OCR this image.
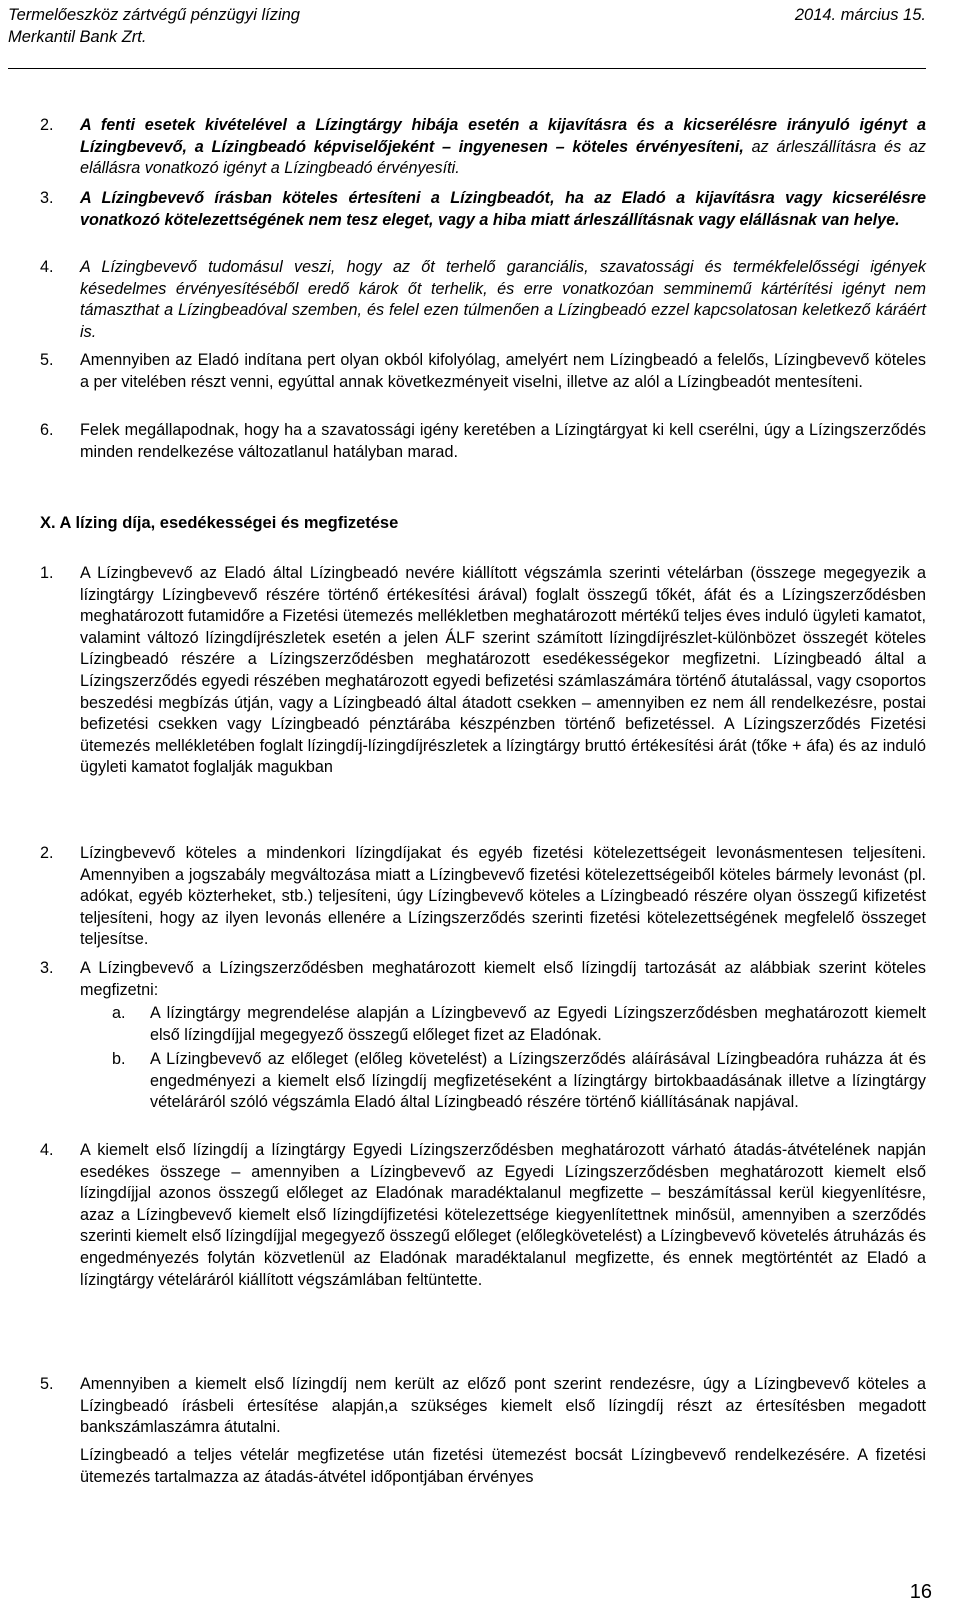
Termelőeszköz zártvégű pénzügyi lízing
Merkantil Bank Zrt.
2014. március 15.
2. A fenti esetek kivételével a Lízingtárgy hibája esetén a kijavításra és a kicserélésre irányuló igényt a Lízingbevevő, a Lízingbeadó képviselőjeként – ingyenesen – köteles érvényesíteni, az árleszállításra és az elállásra vonatkozó igényt a Lízingbeadó érvényesíti.
3. A Lízingbevevő írásban köteles értesíteni a Lízingbeadót, ha az Eladó a kijavításra vagy kicserélésre vonatkozó kötelezettségének nem tesz eleget, vagy a hiba miatt árleszállításnak vagy elállásnak van helye.
4. A Lízingbevevő tudomásul veszi, hogy az őt terhelő garanciális, szavatossági és termékfelelősségi igények késedelmes érvényesítéséből eredő károk őt terhelik, és erre vonatkozóan semminemű kártérítési igényt nem támaszthat a Lízingbeadóval szemben, és felel ezen túlmenően a Lízingbeadó ezzel kapcsolatosan keletkező káráért is.
5. Amennyiben az Eladó indítana pert olyan okból kifolyólag, amelyért nem Lízingbeadó a felelős, Lízingbevevő köteles a per vitelében részt venni, egyúttal annak következményeit viselni, illetve az alól a Lízingbeadót mentesíteni.
6. Felek megállapodnak, hogy ha a szavatossági igény keretében a Lízingtárgyat ki kell cserélni, úgy a Lízingszerződés minden rendelkezése változatlanul hatályban marad.
X. A lízing díja, esedékességei és megfizetése
1. A Lízingbevevő az Eladó által Lízingbeadó nevére kiállított végszámla szerinti vételárban (összege megegyezik a lízingtárgy Lízingbevevő részére történő értékesítési árával) foglalt összegű tőkét, áfát és a Lízingszerződésben meghatározott futamidőre a Fizetési ütemezés mellékletben meghatározott mértékű teljes éves induló ügyleti kamatot, valamint változó lízingdíjrészletek esetén a jelen ÁLF szerint számított lízingdíjrészlet-különbözet összegét köteles Lízingbeadó részére a Lízingszerződésben meghatározott esedékességekor megfizetni. Lízingbeadó által a Lízingszerződés egyedi részében meghatározott egyedi befizetési számlaszámára történő átutalással, vagy csoportos beszedési megbízás útján, vagy a Lízingbeadó által átadott csekken – amennyiben ez nem áll rendelkezésre, postai befizetési csekken vagy Lízingbeadó pénztárába készpénzben történő befizetéssel. A Lízingszerződés Fizetési ütemezés mellékletében foglalt lízingdíj-lízingdíjrészletek a lízingtárgy bruttó értékesítési árát (tőke + áfa) és az induló ügyleti kamatot foglalják magukban
2. Lízingbevevő köteles a mindenkori lízingdíjakat és egyéb fizetési kötelezettségeit levonásmentesen teljesíteni. Amennyiben a jogszabály megváltozása miatt a Lízingbevevő fizetési kötelezettségeiből köteles bármely levonást (pl. adókat, egyéb közterheket, stb.) teljesíteni, úgy Lízingbevevő köteles a Lízingbeadó részére olyan összegű kifizetést teljesíteni, hogy az ilyen levonás ellenére a Lízingszerződés szerinti fizetési kötelezettségének megfelelő összeget teljesítse.
3. A Lízingbevevő a Lízingszerződésben meghatározott kiemelt első lízingdíj tartozását az alábbiak szerint köteles megfizetni:
a. A lízingtárgy megrendelése alapján a Lízingbevevő az Egyedi Lízingszerződésben meghatározott kiemelt első lízingdíjjal megegyező összegű előleget fizet az Eladónak.
b. A Lízingbevevő az előleget (előleg követelést) a Lízingszerződés aláírásával Lízingbeadóra ruházza át és engedményezi a kiemelt első lízingdíj megfizetéseként a lízingtárgy birtokbaadásának illetve a lízingtárgy vételáráról szóló végszámla Eladó által Lízingbeadó részére történő kiállításának napjával.
4. A kiemelt első lízingdíj a lízingtárgy Egyedi Lízingszerződésben meghatározott várható átadás-átvételének napján esedékes összege – amennyiben a Lízingbevevő az Egyedi Lízingszerződésben meghatározott kiemelt első lízingdíjjal azonos összegű előleget az Eladónak maradéktalanul megfizette – beszámítással kerül kiegyenlítésre, azaz a Lízingbevevő kiemelt első lízingdíjfizetési kötelezettsége kiegyenlítettnek minősül, amennyiben a szerződés szerinti kiemelt első lízingdíjjal megegyező összegű előleget (előlegkövetelést) a Lízingbevevő követelés átruházás és engedményezés folytán közvetlenül az Eladónak maradéktalanul megfizette, és ennek megtörténtét az Eladó a lízingtárgy vételáráról kiállított végszámlában feltüntette.
5. Amennyiben a kiemelt első lízingdíj nem került az előző pont szerint rendezésre, úgy a Lízingbevevő köteles a Lízingbeadó írásbeli értesítése alapján,a szükséges kiemelt első lízingdíj részt az értesítésben megadott bankszámlaszámra átutalni.
Lízingbeadó a teljes vételár megfizetése után fizetési ütemezést bocsát Lízingbevevő rendelkezésére. A fizetési ütemezés tartalmazza az átadás-átvétel időpontjában érvényes
16
